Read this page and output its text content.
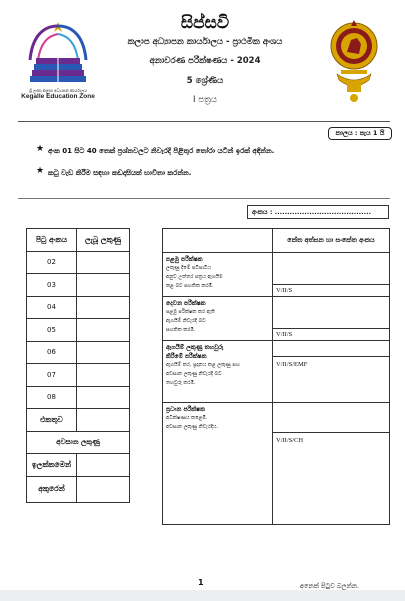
ශ්‍රී ලංකා කළාප අධ්‍යාපන කාර්යාලය
Kegalle Education Zone
සිප්සවි
කලාප අධ්‍යාපන කාර්යාලය - ප්‍රාථමික අංශය
අනාවරණ පරීක්ෂණය - 2024
5 ශ්‍රේණිය
I පත්‍රය
කාලය : පැය 1 යි
★ අංක 01 සිට 40 තෙක් ප්‍රශ්නවලට නිවැරදි පිළිතුර තෝරා යටින් ඉරක් අඳින්න.
★ කටු වැඩ කිරීම සඳහා කඩදාසියක් භාවිතා කරන්න.
අංකය : .......................................
පිටු අංකය	ලැබූ ලකුණු
02	
03	
04	
05	
06	
07	
08	
එකතුව	
අවසාන ලකුණු	
ඉලක්කමෙන්	
අකුරෙන්	
	කේත අත්සන හා සංකේත අංකය

පළමු පරීක්ෂක
ලකුණු දීමේ පටිපාටිය
අනුව උත්තර පත්‍රය ඇගයීම
කළ බව සහතික කරමි.	

	V/II/S

දෙවන පරීක්ෂක
පළමු පරීක්ෂක කර ඇති
ඇගයීම් නිවැරදි බව
සහතික කරමි.	

	V/II/S

ඇගයීම් ලකුණු තහවුරු
කිරීමේ පරීක්ෂක
ඇගයීම් කර, ප්‍රදානය කළ ලකුණු සහ
අවසාන ලකුණු නිවැරදි බව
තහවුරු කරමි.	

	V/II/S/EMF

ප්‍රධාන පරීක්ෂක
අධීක්ෂණය කළෙමි.
අවසාන ලකුණු නිවැරදිය.	

	V/II/S/CH
1	අනෙක් පිටුව බලන්න.
